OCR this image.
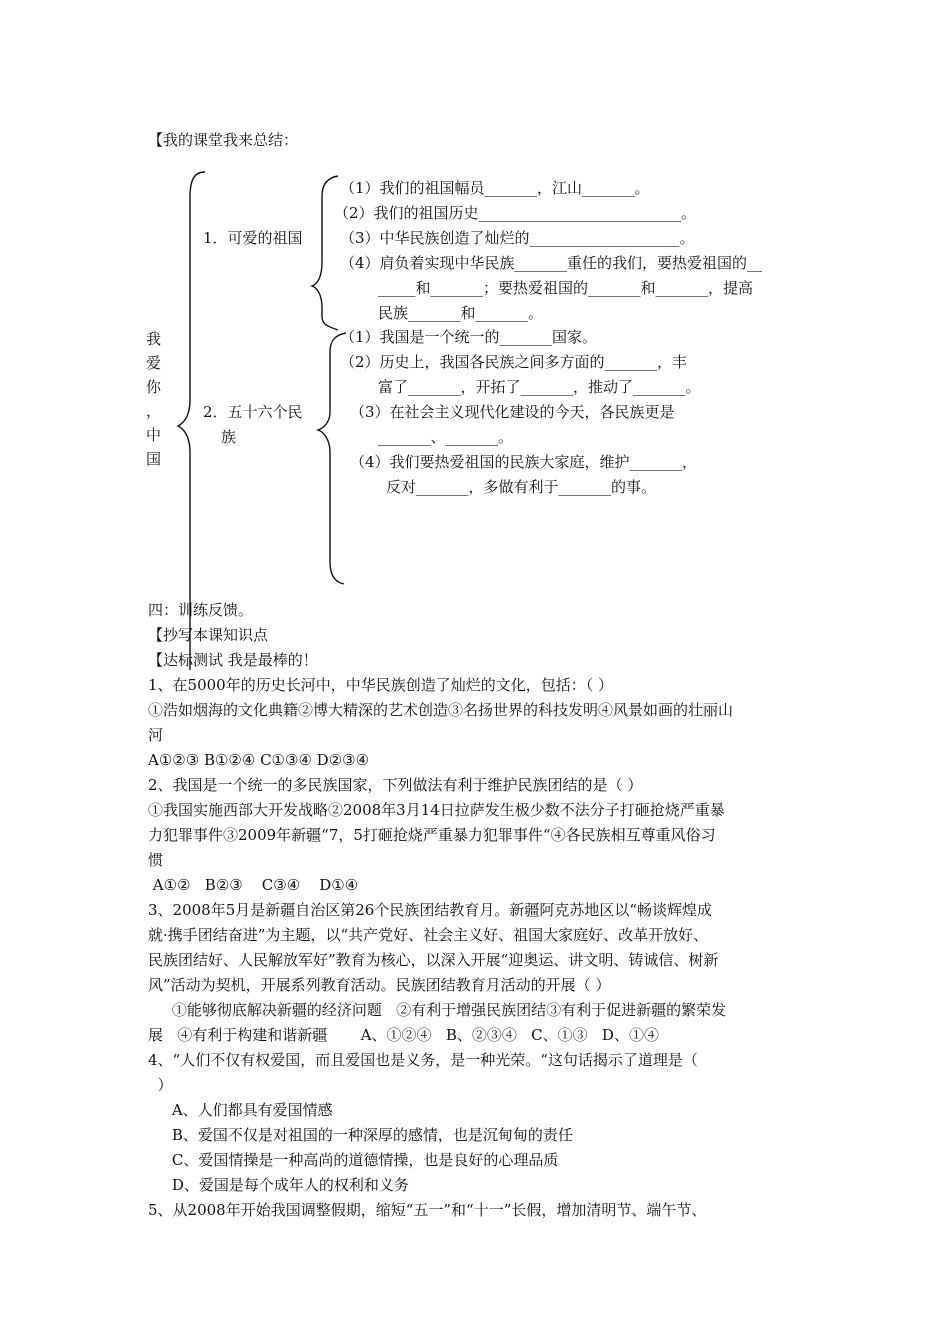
【我的课堂我来总结：
我
爱
你
，
中
国
1．可爱的祖国
（1）我们的祖国幅员_______，江山_______。
（2）我们的祖国历史___________________________。
（3）中华民族创造了灿烂的____________________。
（4）肩负着实现中华民族_______重任的我们，要热爱祖国的__
_____和_______；要热爱祖国的_______和_______，提高
民族_______和_______。
2．五十六个民
族
（1）我国是一个统一的_______国家。
（2）历史上，我国各民族之间多方面的_______，丰
富了_______，开拓了_______，推动了_______。
（3）在社会主义现代化建设的今天，各民族更是
_______、_______。
（4）我们要热爱祖国的民族大家庭，维护_______，
反对_______，多做有利于_______的事。
四：训练反馈。
【抄写本课知识点
【达标测试 我是最棒的！
1、在5000年的历史长河中，中华民族创造了灿烂的文化，包括：（ ）
①浩如烟海的文化典籍②博大精深的艺术创造③名扬世界的科技发明④风景如画的壮丽山
河
A①②③ B①②④ C①③④ D②③④
2、我国是一个统一的多民族国家，下列做法有利于维护民族团结的是（ ）
①我国实施西部大开发战略②2008年3月14日拉萨发生极少数不法分子打砸抢烧严重暴
力犯罪事件③2009年新疆“7，5打砸抢烧严重暴力犯罪事件“④各民族相互尊重风俗习
惯
A①②   B②③    C③④    D①④
3、2008年5月是新疆自治区第26个民族团结教育月。新疆阿克苏地区以“畅谈辉煌成
就·携手团结奋进”为主题，以“共产党好、社会主义好、祖国大家庭好、改革开放好、
民族团结好、人民解放军好”教育为核心，以深入开展“迎奥运、讲文明、铸诚信、树新
风”活动为契机，开展系列教育活动。民族团结教育月活动的开展（ ）
①能够彻底解决新疆的经济问题   ②有利于增强民族团结③有利于促进新疆的繁荣发
展   ④有利于构建和谐新疆       A、①②④   B、②③④   C、①③   D、①④
4、“人们不仅有权爱国，而且爱国也是义务，是一种光荣。“这句话揭示了道理是（
）
A、人们都具有爱国情感
B、爱国不仅是对祖国的一种深厚的感情，也是沉甸甸的责任
C、爱国情操是一种高尚的道德情操，也是良好的心理品质
D、爱国是每个成年人的权利和义务
5、从2008年开始我国调整假期，缩短“五一”和“十一”长假，增加清明节、端午节、
